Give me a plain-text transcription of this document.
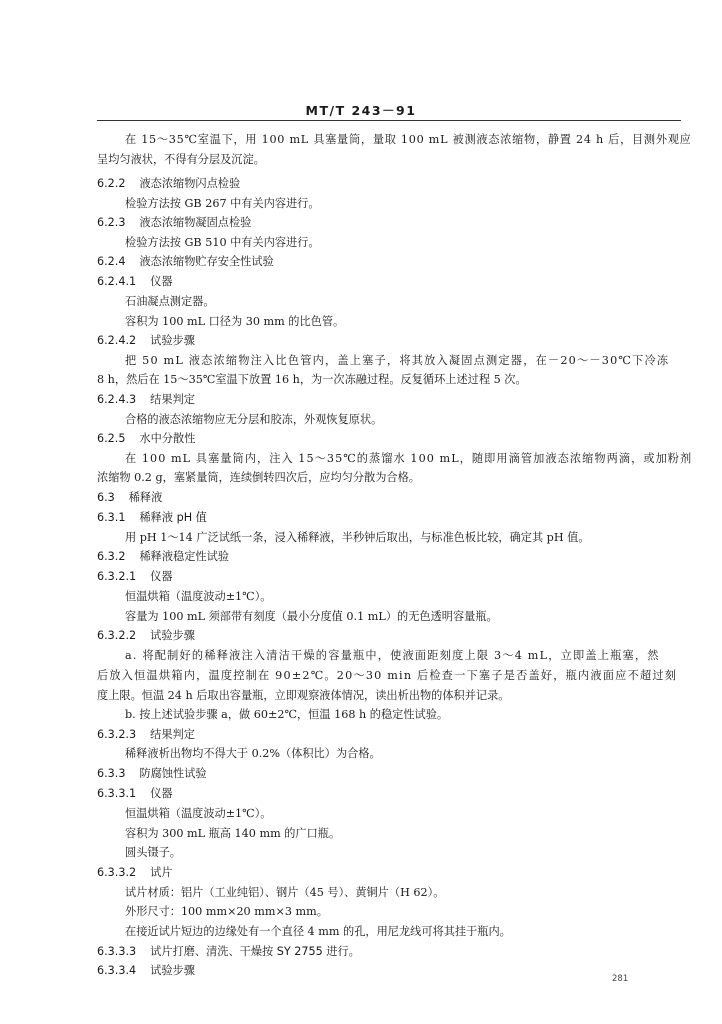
MT/T 243－91
在 15～35℃室温下，用 100 mL 具塞量筒，量取 100 mL 被测液态浓缩物，静置 24 h 后，目测外观应
呈均匀液状，不得有分层及沉淀。
6.2.2 液态浓缩物闪点检验
检验方法按 GB 267 中有关内容进行。
6.2.3 液态浓缩物凝固点检验
检验方法按 GB 510 中有关内容进行。
6.2.4 液态浓缩物贮存安全性试验
6.2.4.1 仪器
石油凝点测定器。
容积为 100 mL 口径为 30 mm 的比色管。
6.2.4.2 试验步骤
把 50 mL 液态浓缩物注入比色管内，盖上塞子，将其放入凝固点测定器，在－20～－30℃下冷冻
8 h，然后在 15～35℃室温下放置 16 h，为一次冻融过程。反复循环上述过程 5 次。
6.2.4.3 结果判定
合格的液态浓缩物应无分层和胶冻，外观恢复原状。
6.2.5 水中分散性
在 100 mL 具塞量筒内，注入 15～35℃的蒸馏水 100 mL，随即用滴管加液态浓缩物两滴，或加粉剂
浓缩物 0.2 g，塞紧量筒，连续倒转四次后，应均匀分散为合格。
6.3 稀释液
6.3.1 稀释液 pH 值
用 pH 1～14 广泛试纸一条，浸入稀释液，半秒钟后取出，与标准色板比较，确定其 pH 值。
6.3.2 稀释液稳定性试验
6.3.2.1 仪器
恒温烘箱（温度波动±1℃）。
容量为 100 mL 须部带有刻度（最小分度值 0.1 mL）的无色透明容量瓶。
6.3.2.2 试验步骤
a. 将配制好的稀释液注入清洁干燥的容量瓶中，使液面距刻度上限 3～4 mL，立即盖上瓶塞，然
后放入恒温烘箱内，温度控制在 90±2℃。20～30 min 后检查一下塞子是否盖好，瓶内液面应不超过刻
度上限。恒温 24 h 后取出容量瓶，立即观察液体情况，读出析出物的体积并记录。
b. 按上述试验步骤 a，做 60±2℃，恒温 168 h 的稳定性试验。
6.3.2.3 结果判定
稀释液析出物均不得大于 0.2%（体积比）为合格。
6.3.3 防腐蚀性试验
6.3.3.1 仪器
恒温烘箱（温度波动±1℃）。
容积为 300 mL 瓶高 140 mm 的广口瓶。
圆头镊子。
6.3.3.2 试片
试片材质：铝片（工业纯铝）、钢片（45 号）、黄铜片（H 62）。
外形尺寸：100 mm×20 mm×3 mm。
在接近试片短边的边缘处有一个直径 4 mm 的孔，用尼龙线可将其挂于瓶内。
6.3.3.3 试片打磨、清洗、干燥按 SY 2755 进行。
6.3.3.4 试验步骤
281
